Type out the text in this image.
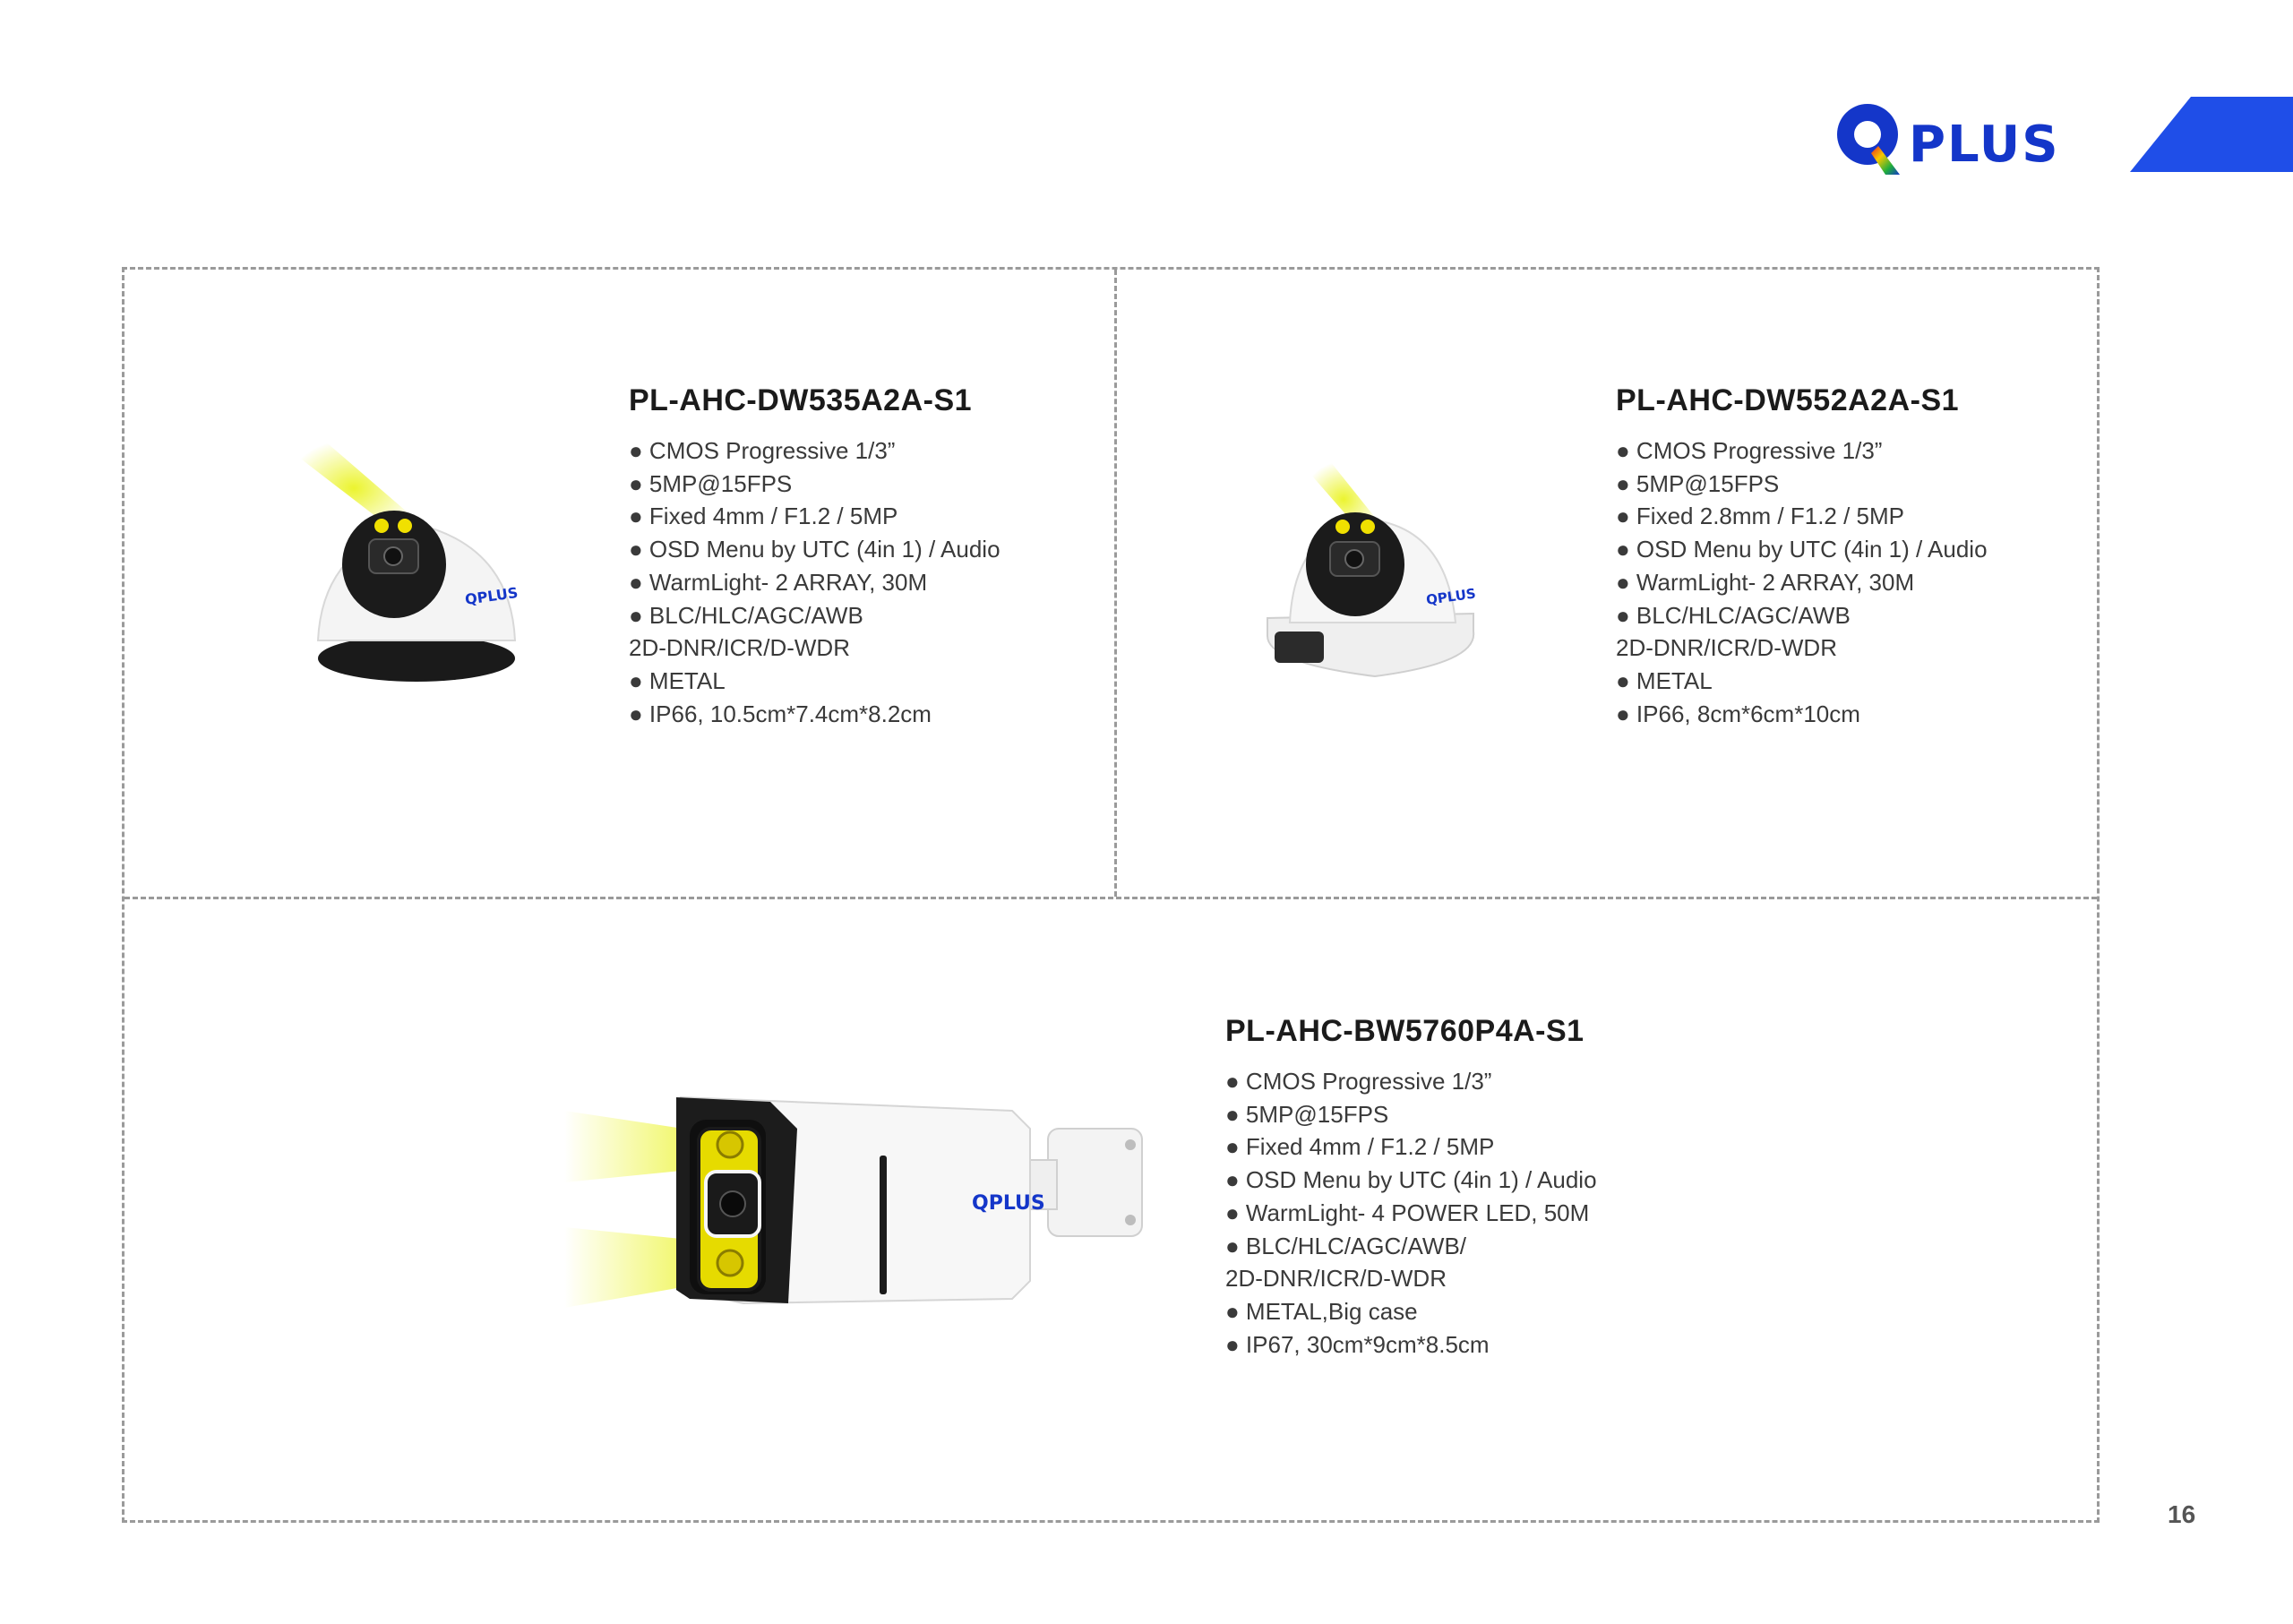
PLUS
QPLUS
PL-AHC-DW535A2A-S1
● CMOS Progressive 1/3”
● 5MP@15FPS
● Fixed 4mm / F1.2 / 5MP
● OSD Menu by UTC (4in 1) / Audio
● WarmLight- 2 ARRAY, 30M
● BLC/HLC/AGC/AWB
2D-DNR/ICR/D-WDR
● METAL
● IP66, 10.5cm*7.4cm*8.2cm
QPLUS
PL-AHC-DW552A2A-S1
● CMOS Progressive 1/3”
● 5MP@15FPS
● Fixed 2.8mm / F1.2 / 5MP
● OSD Menu by UTC (4in 1) / Audio
● WarmLight- 2 ARRAY, 30M
● BLC/HLC/AGC/AWB
2D-DNR/ICR/D-WDR
● METAL
● IP66, 8cm*6cm*10cm
QPLUS
PL-AHC-BW5760P4A-S1
● CMOS Progressive 1/3”
● 5MP@15FPS
● Fixed 4mm / F1.2 / 5MP
● OSD Menu by UTC (4in 1) / Audio
● WarmLight- 4 POWER LED, 50M
● BLC/HLC/AGC/AWB/
2D-DNR/ICR/D-WDR
● METAL,Big case
● IP67, 30cm*9cm*8.5cm
16
